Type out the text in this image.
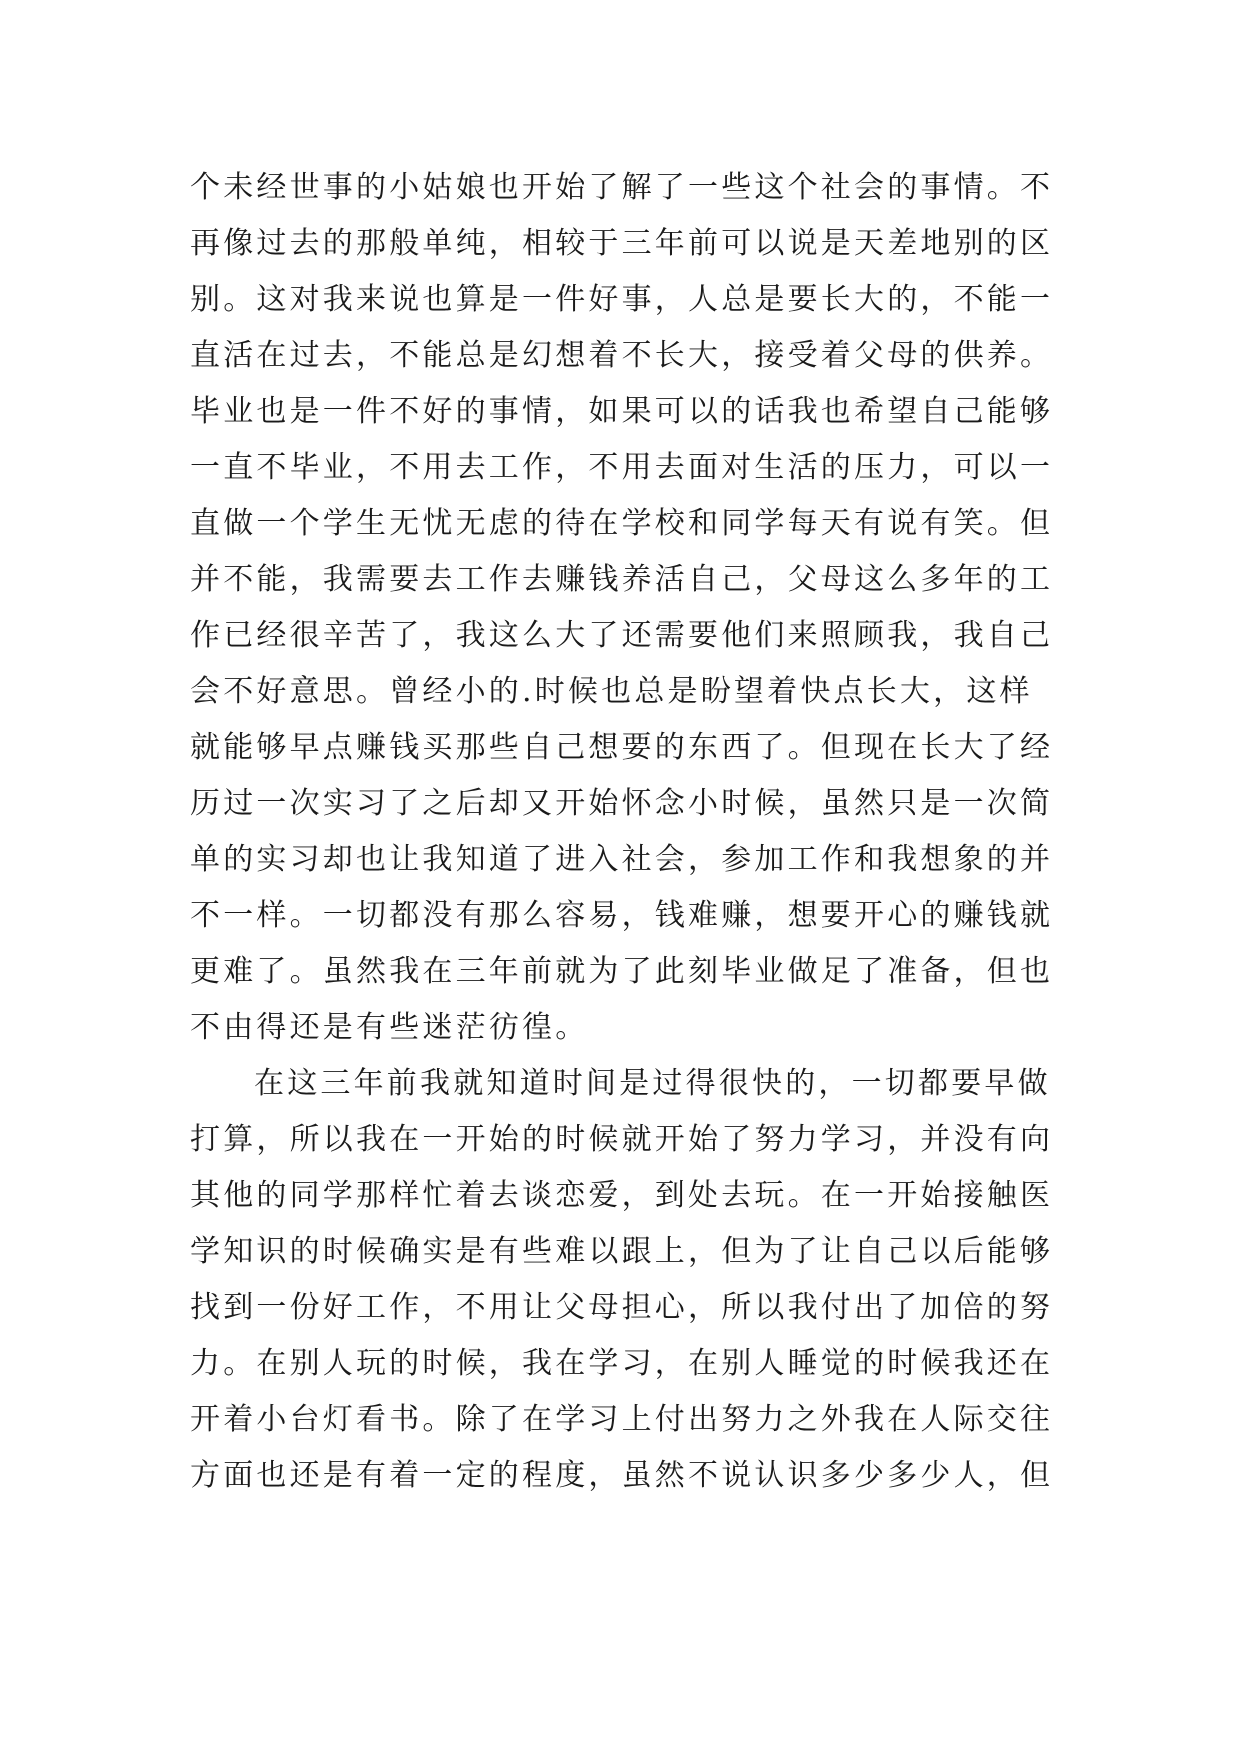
个未经世事的小姑娘也开始了解了一些这个社会的事情。不
再像过去的那般单纯，相较于三年前可以说是天差地别的区
别。这对我来说也算是一件好事，人总是要长大的，不能一
直活在过去，不能总是幻想着不长大，接受着父母的供养。
毕业也是一件不好的事情，如果可以的话我也希望自己能够
一直不毕业，不用去工作，不用去面对生活的压力，可以一
直做一个学生无忧无虑的待在学校和同学每天有说有笑。但
并不能，我需要去工作去赚钱养活自己，父母这么多年的工
作已经很辛苦了，我这么大了还需要他们来照顾我，我自己
会不好意思。曾经小的.时候也总是盼望着快点长大，这样
就能够早点赚钱买那些自己想要的东西了。但现在长大了经
历过一次实习了之后却又开始怀念小时候，虽然只是一次简
单的实习却也让我知道了进入社会，参加工作和我想象的并
不一样。一切都没有那么容易，钱难赚，想要开心的赚钱就
更难了。虽然我在三年前就为了此刻毕业做足了准备，但也
不由得还是有些迷茫彷徨。
在这三年前我就知道时间是过得很快的，一切都要早做
打算，所以我在一开始的时候就开始了努力学习，并没有向
其他的同学那样忙着去谈恋爱，到处去玩。在一开始接触医
学知识的时候确实是有些难以跟上，但为了让自己以后能够
找到一份好工作，不用让父母担心，所以我付出了加倍的努
力。在别人玩的时候，我在学习，在别人睡觉的时候我还在
开着小台灯看书。除了在学习上付出努力之外我在人际交往
方面也还是有着一定的程度，虽然不说认识多少多少人，但
